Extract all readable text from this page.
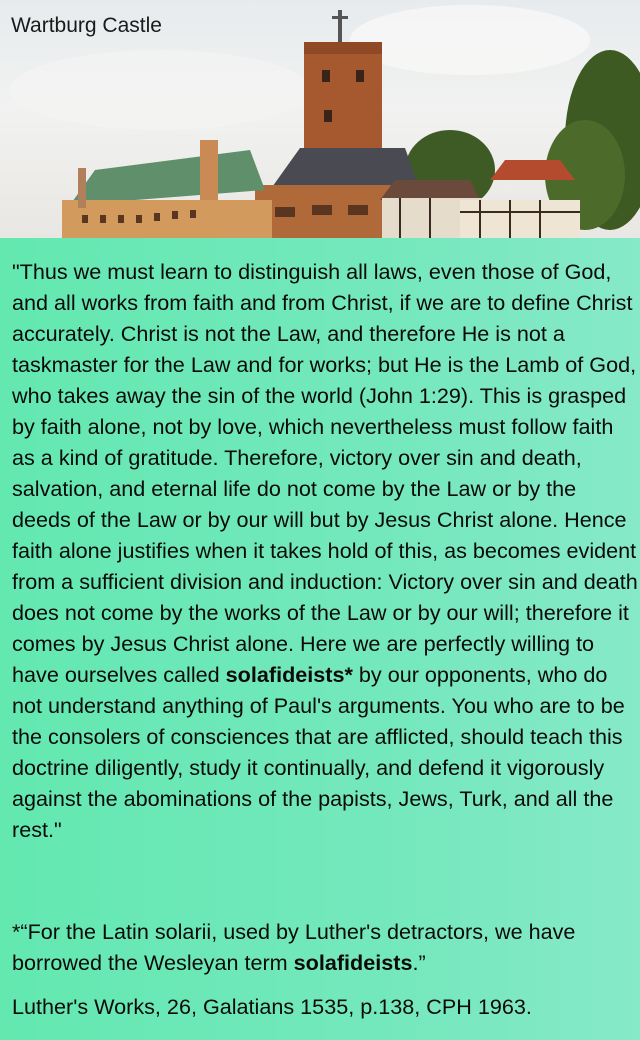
Wartburg Castle

"Thus we must learn to distinguish all laws, even those of God, and all works from faith and from Christ, if we are to define Christ accurately. Christ is not the Law, and therefore He is not a taskmaster for the Law and for works; but He is the Lamb of God, who takes away the sin of the world (John 1:29). This is grasped by faith alone, not by love, which nevertheless must follow faith as a kind of gratitude. Therefore, victory over sin and death, salvation, and eternal life do not come by the Law or by the deeds of the Law or by our will but by Jesus Christ alone. Hence faith alone justifies when it takes hold of this, as becomes evident from a sufficient division and induction: Victory over sin and death does not come by the works of the Law or by our will; therefore it comes by Jesus Christ alone. Here we are perfectly willing to have ourselves called solafideists* by our opponents, who do not understand anything of Paul's arguments. You who are to be the consolers of consciences that are afflicted, should teach this doctrine diligently, study it continually, and defend it vigorously against the abominations of the papists, Jews, Turk, and all the rest."

*“For the Latin solarii, used by Luther's detractors, we have borrowed the Wesleyan term solafideists.”

Luther's Works, 26, Galatians 1535, p.138, CPH 1963.
